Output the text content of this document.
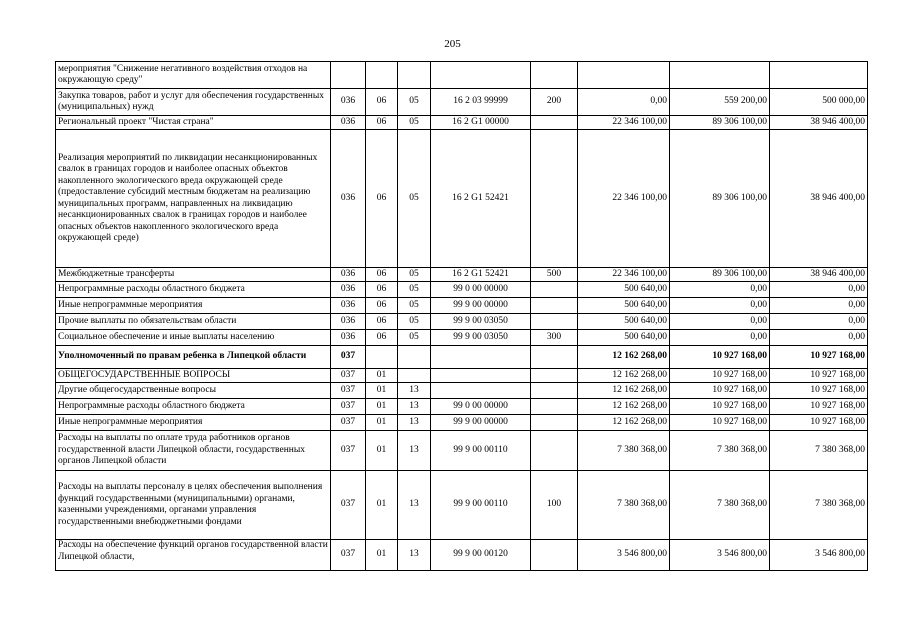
205
мероприятия "Снижение негативного воздействия отходов на окружающую среду"								
Закупка товаров, работ и услуг для обеспечения государственных (муниципальных) нужд	036	06	05	16 2 03 99999	200	0,00	559 200,00	500 000,00
Региональный проект "Чистая страна"	036	06	05	16 2 G1 00000		22 346 100,00	89 306 100,00	38 946 400,00
Реализация мероприятий по ликвидации несанкционированных свалок в границах городов и наиболее опасных объектов накопленного экологического вреда окружающей среде (предоставление субсидий местным бюджетам на реализацию муниципальных программ, направленных на ликвидацию несанкционированных свалок в границах городов и наиболее опасных объектов накопленного экологического вреда окружающей среде)	036	06	05	16 2 G1 52421		22 346 100,00	89 306 100,00	38 946 400,00
Межбюджетные трансферты	036	06	05	16 2 G1 52421	500	22 346 100,00	89 306 100,00	38 946 400,00
Непрограммные расходы областного бюджета	036	06	05	99 0 00 00000		500 640,00	0,00	0,00
Иные непрограммные мероприятия	036	06	05	99 9 00 00000		500 640,00	0,00	0,00
Прочие выплаты по обязательствам области	036	06	05	99 9 00 03050		500 640,00	0,00	0,00
Социальное обеспечение и иные выплаты населению	036	06	05	99 9 00 03050	300	500 640,00	0,00	0,00
Уполномоченный по правам ребенка в Липецкой области	037					12 162 268,00	10 927 168,00	10 927 168,00
ОБЩЕГОСУДАРСТВЕННЫЕ ВОПРОСЫ	037	01				12 162 268,00	10 927 168,00	10 927 168,00
Другие общегосударственные вопросы	037	01	13			12 162 268,00	10 927 168,00	10 927 168,00
Непрограммные расходы областного бюджета	037	01	13	99 0 00 00000		12 162 268,00	10 927 168,00	10 927 168,00
Иные непрограммные мероприятия	037	01	13	99 9 00 00000		12 162 268,00	10 927 168,00	10 927 168,00
Расходы на выплаты по оплате труда работников органов государственной власти Липецкой области, государственных органов Липецкой области	037	01	13	99 9 00 00110		7 380 368,00	7 380 368,00	7 380 368,00
Расходы на выплаты персоналу в целях обеспечения выполнения функций государственными (муниципальными) органами, казенными учреждениями, органами управления государственными внебюджетными фондами	037	01	13	99 9 00 00110	100	7 380 368,00	7 380 368,00	7 380 368,00
Расходы на обеспечение функций органов государственной власти Липецкой области,	037	01	13	99 9 00 00120		3 546 800,00	3 546 800,00	3 546 800,00
